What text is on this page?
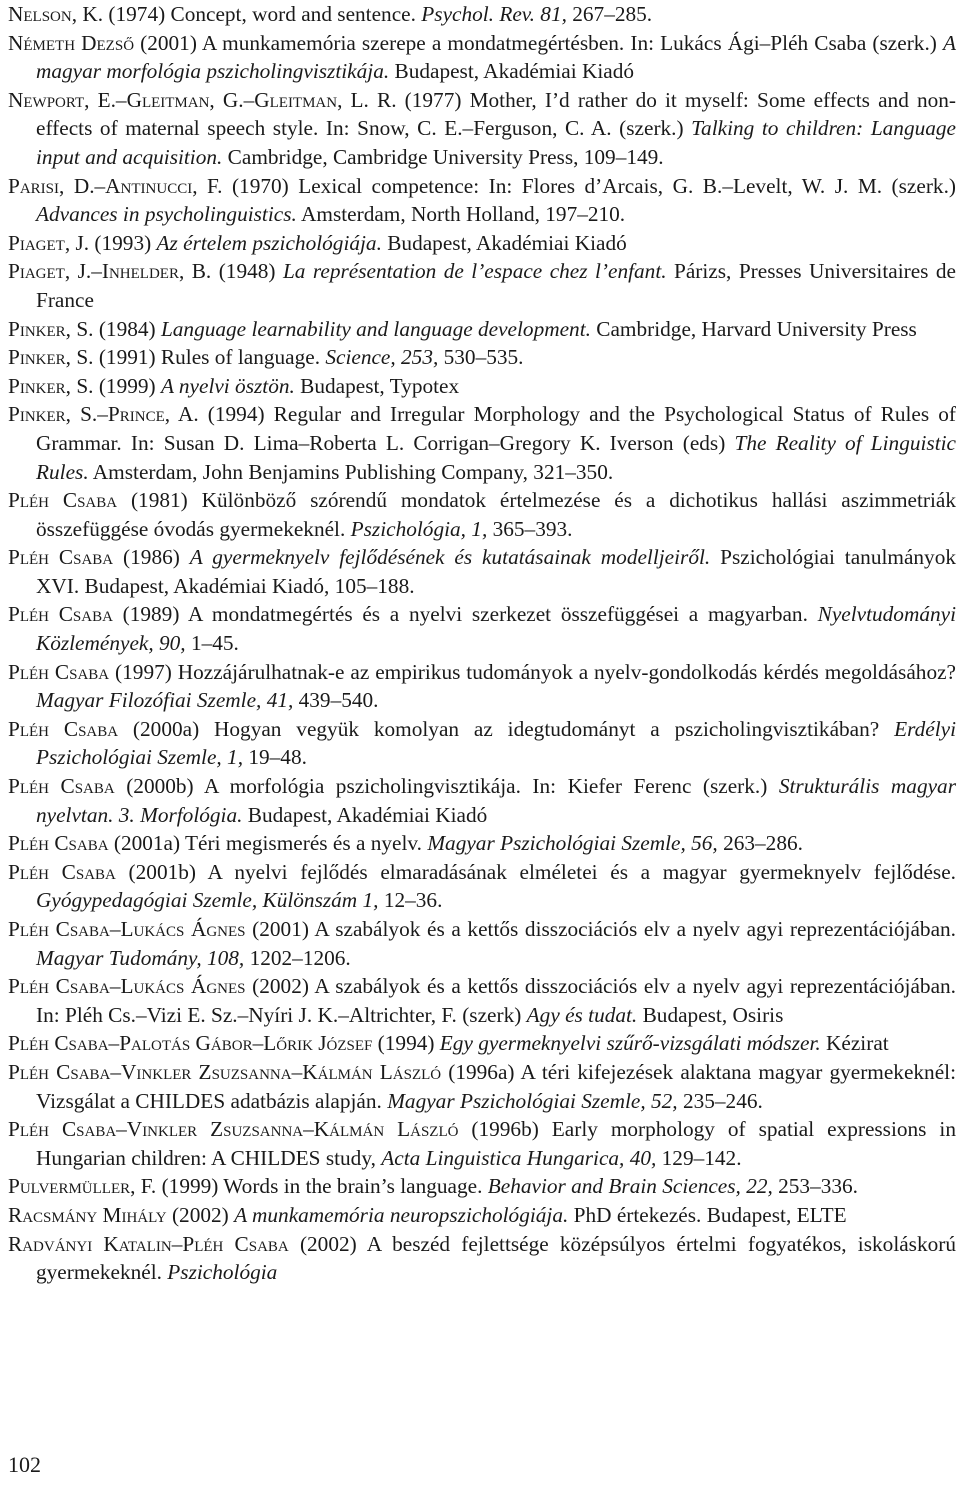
Nelson, K. (1974) Concept, word and sentence. Psychol. Rev. 81, 267–285.

Németh Dezső (2001) A munkamemória szerepe a mondatmegértésben. In: Lukács Ági–Pléh Csaba (szerk.) A magyar morfológia pszicholingvisztikája. Budapest, Akadémiai Kiadó

Newport, E.–Gleitman, G.–Gleitman, L. R. (1977) Mother, I’d rather do it myself: Some effects and non-effects of maternal speech style. In: Snow, C. E.–Ferguson, C. A. (szerk.) Talking to children: Language input and acquisition. Cambridge, Cambridge University Press, 109–149.

Parisi, D.–Antinucci, F. (1970) Lexical competence: In: Flores d’Arcais, G. B.–Levelt, W. J. M. (szerk.) Advances in psycholinguistics. Amsterdam, North Holland, 197–210.

Piaget, J. (1993) Az értelem pszichológiája. Budapest, Akadémiai Kiadó

Piaget, J.–Inhelder, B. (1948) La représentation de l’espace chez l’enfant. Párizs, Presses Universitaires de France

Pinker, S. (1984) Language learnability and language development. Cambridge, Harvard University Press

Pinker, S. (1991) Rules of language. Science, 253, 530–535.

Pinker, S. (1999) A nyelvi ösztön. Budapest, Typotex

Pinker, S.–Prince, A. (1994) Regular and Irregular Morphology and the Psychological Status of Rules of Grammar. In: Susan D. Lima–Roberta L. Corrigan–Gregory K. Iverson (eds) The Reality of Linguistic Rules. Amsterdam, John Benjamins Publishing Company, 321–350.

Pléh Csaba (1981) Különböző szórendű mondatok értelmezése és a dichotikus hallási aszimmetriák összefüggése óvodás gyermekeknél. Pszichológia, 1, 365–393.

Pléh Csaba (1986) A gyermeknyelv fejlődésének és kutatásainak modelljeiről. Pszichológiai tanulmányok XVI. Budapest, Akadémiai Kiadó, 105–188.

Pléh Csaba (1989) A mondatmegértés és a nyelvi szerkezet összefüggései a magyarban. Nyelvtudományi Közlemények, 90, 1–45.

Pléh Csaba (1997) Hozzájárulhatnak-e az empirikus tudományok a nyelv-gondolkodás kérdés megoldásához? Magyar Filozófiai Szemle, 41, 439–540.

Pléh Csaba (2000a) Hogyan vegyük komolyan az idegtudományt a pszicholingvisztikában? Erdélyi Pszichológiai Szemle, 1, 19–48.

Pléh Csaba (2000b) A morfológia pszicholingvisztikája. In: Kiefer Ferenc (szerk.) Strukturális magyar nyelvtan. 3. Morfológia. Budapest, Akadémiai Kiadó

Pléh Csaba (2001a) Téri megismerés és a nyelv. Magyar Pszichológiai Szemle, 56, 263–286.

Pléh Csaba (2001b) A nyelvi fejlődés elmaradásának elméletei és a magyar gyermeknyelv fejlődése. Gyógypedagógiai Szemle, Különszám 1, 12–36.

Pléh Csaba–Lukács Ágnes (2001) A szabályok és a kettős disszociációs elv a nyelv agyi reprezentációjában. Magyar Tudomány, 108, 1202–1206.

Pléh Csaba–Lukács Ágnes (2002) A szabályok és a kettős disszociációs elv a nyelv agyi reprezentációjában. In: Pléh Cs.–Vizi E. Sz.–Nyíri J. K.–Altrichter, F. (szerk) Agy és tudat. Budapest, Osiris

Pléh Csaba–Palotás Gábor–Lőrik József (1994) Egy gyermeknyelvi szűrő-vizsgálati módszer. Kézirat

Pléh Csaba–Vinkler Zsuzsanna–Kálmán László (1996a) A téri kifejezések alaktana magyar gyermekeknél: Vizsgálat a CHILDES adatbázis alapján. Magyar Pszichológiai Szemle, 52, 235–246.

Pléh Csaba–Vinkler Zsuzsanna–Kálmán László (1996b) Early morphology of spatial expressions in Hungarian children: A CHILDES study, Acta Linguistica Hungarica, 40, 129–142.

Pulvermüller, F. (1999) Words in the brain’s language. Behavior and Brain Sciences, 22, 253–336.

Racsmány Mihály (2002) A munkamemória neuropszichológiája. PhD értekezés. Budapest, ELTE

Radványi Katalin–Pléh Csaba (2002) A beszéd fejlettsége középsúlyos értelmi fogyatékos, iskoláskorú gyermekeknél. Pszichológia

102
